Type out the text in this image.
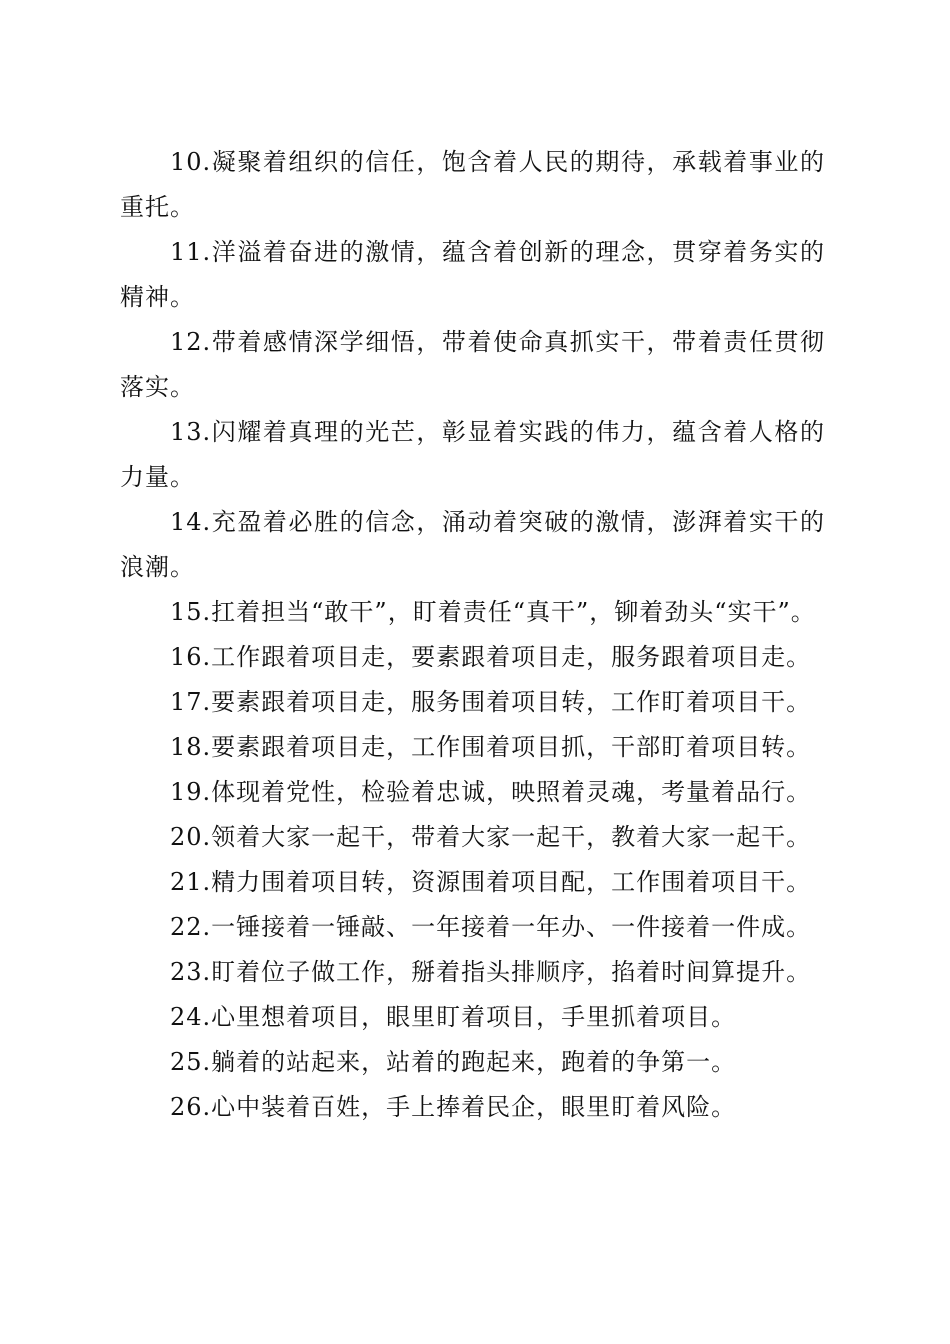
10.凝聚着组织的信任，饱含着人民的期待，承载着事业的重托。

11.洋溢着奋进的激情，蕴含着创新的理念，贯穿着务实的精神。

12.带着感情深学细悟，带着使命真抓实干，带着责任贯彻落实。

13.闪耀着真理的光芒，彰显着实践的伟力，蕴含着人格的力量。

14.充盈着必胜的信念，涌动着突破的激情，澎湃着实干的浪潮。

15.扛着担当“敢干”，盯着责任“真干”，铆着劲头“实干”。

16.工作跟着项目走，要素跟着项目走，服务跟着项目走。

17.要素跟着项目走，服务围着项目转，工作盯着项目干。

18.要素跟着项目走，工作围着项目抓，干部盯着项目转。

19.体现着党性，检验着忠诚，映照着灵魂，考量着品行。

20.领着大家一起干，带着大家一起干，教着大家一起干。

21.精力围着项目转，资源围着项目配，工作围着项目干。

22.一锤接着一锤敲、一年接着一年办、一件接着一件成。

23.盯着位子做工作，掰着指头排顺序，掐着时间算提升。

24.心里想着项目，眼里盯着项目，手里抓着项目。

25.躺着的站起来，站着的跑起来，跑着的争第一。

26.心中装着百姓，手上捧着民企，眼里盯着风险。
